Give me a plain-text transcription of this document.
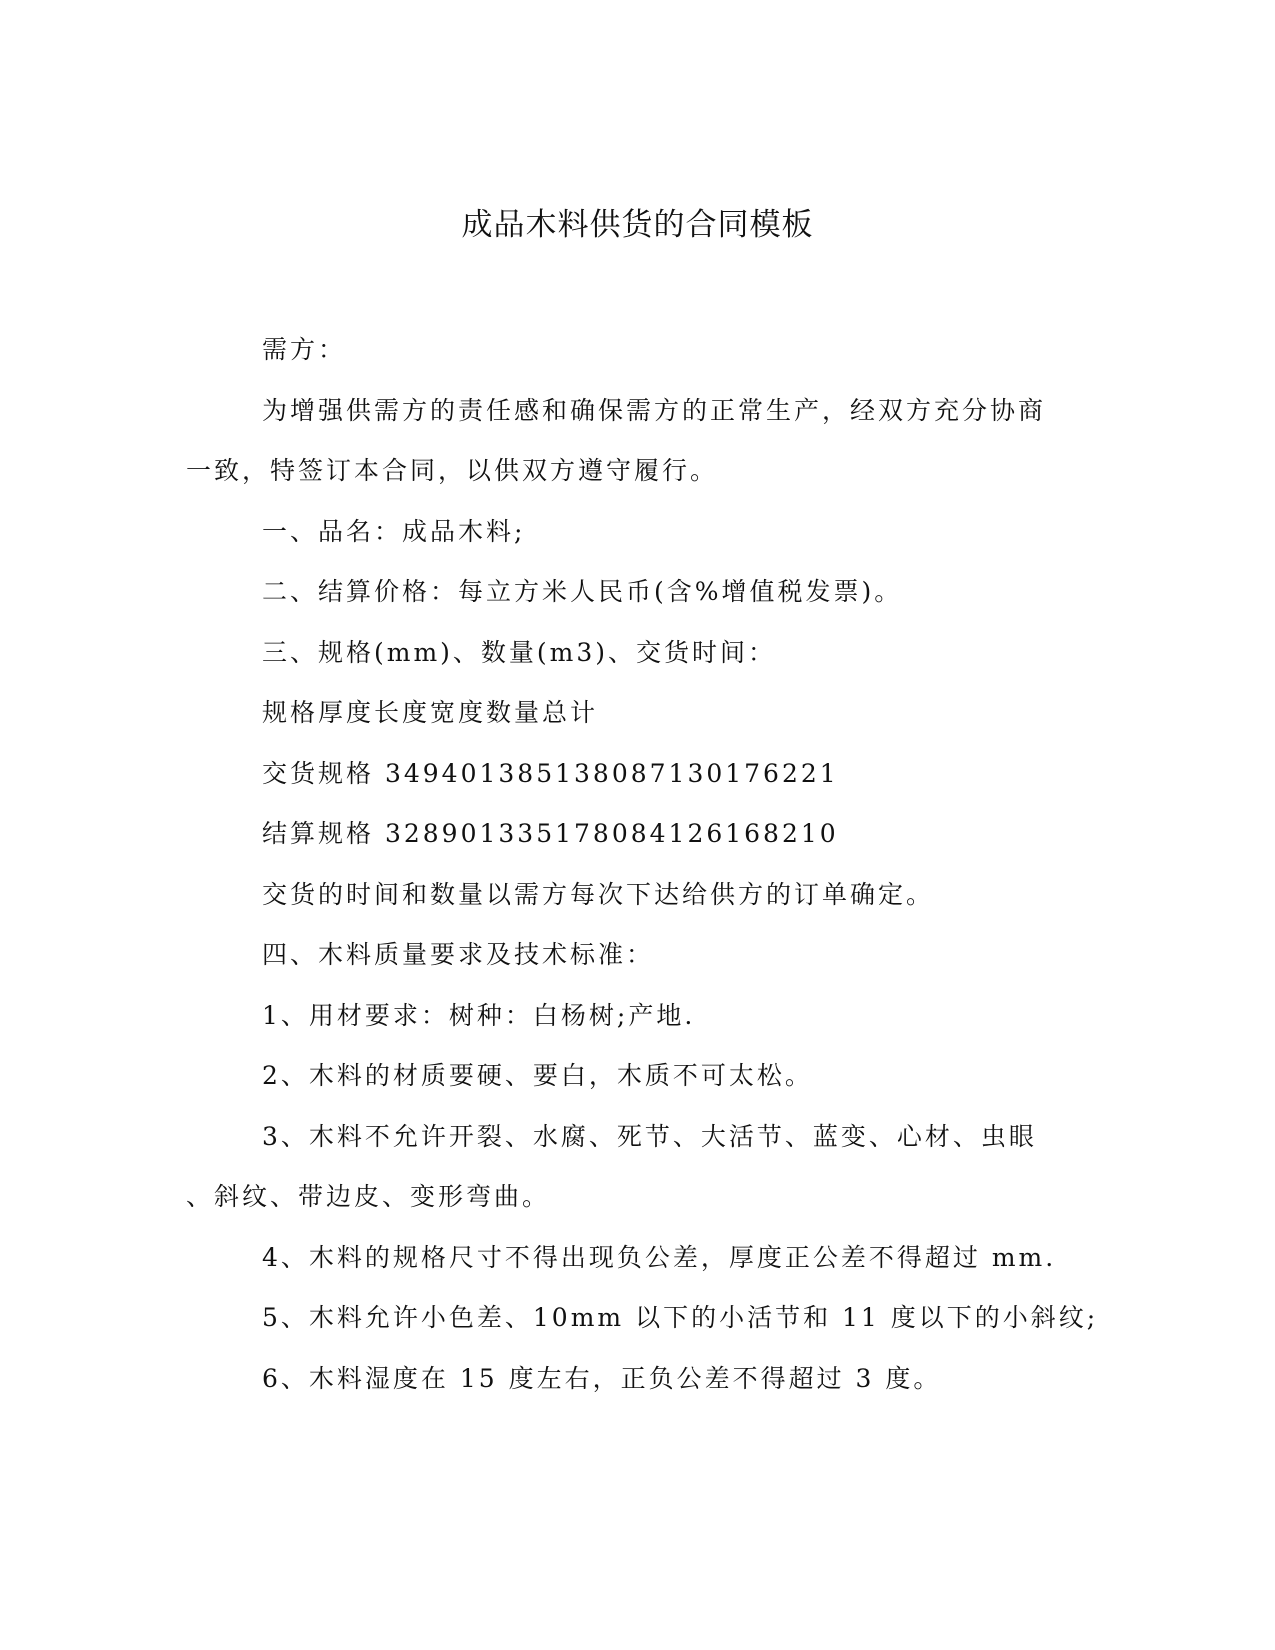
成品木料供货的合同模板

需方：

为增强供需方的责任感和确保需方的正常生产，经双方充分协商

一致，特签订本合同，以供双方遵守履行。

一、品名：成品木料;

二、结算价格：每立方米人民币(含%增值税发票)。

三、规格(mm)、数量(m3)、交货时间：

规格厚度长度宽度数量总计

交货规格 349401385138087130176221

结算规格 328901335178084126168210

交货的时间和数量以需方每次下达给供方的订单确定。

四、木料质量要求及技术标准：

1、用材要求：树种：白杨树;产地.

2、木料的材质要硬、要白，木质不可太松。

3、木料不允许开裂、水腐、死节、大活节、蓝变、心材、虫眼

、斜纹、带边皮、变形弯曲。

4、木料的规格尺寸不得出现负公差，厚度正公差不得超过 mm.

5、木料允许小色差、10mm 以下的小活节和 11 度以下的小斜纹;

6、木料湿度在 15 度左右，正负公差不得超过 3 度。
